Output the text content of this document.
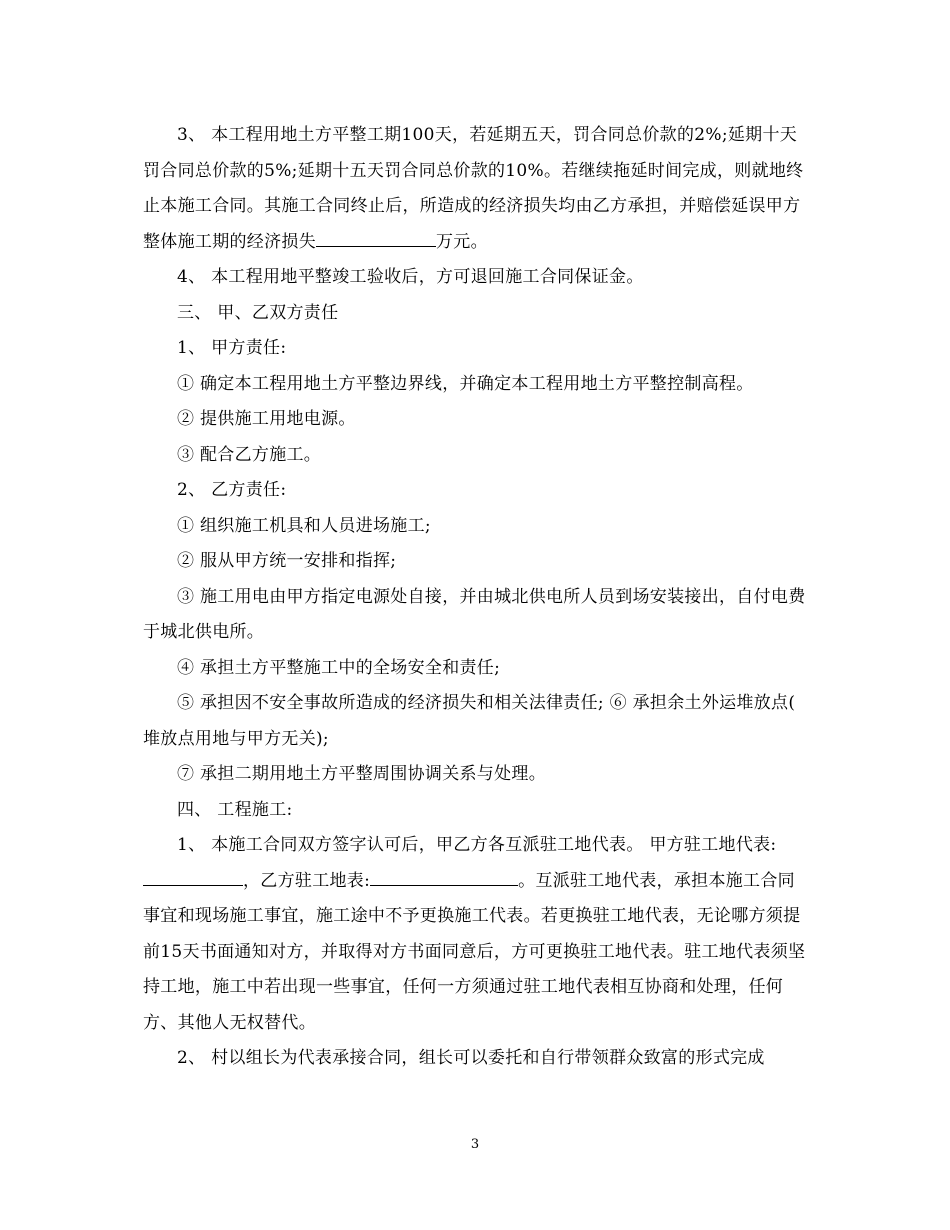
3、 本工程用地土方平整工期100天，若延期五天，罚合同总价款的2%;延期十天罚合同总价款的5%;延期十五天罚合同总价款的10%。若继续拖延时间完成，则就地终止本施工合同。其施工合同终止后，所造成的经济损失均由乙方承担，并赔偿延误甲方整体施工期的经济损失	万元。

4、 本工程用地平整竣工验收后，方可退回施工合同保证金。

三、 甲、乙双方责任

1、 甲方责任:

① 确定本工程用地土方平整边界线，并确定本工程用地土方平整控制高程。

② 提供施工用地电源。

③ 配合乙方施工。

2、 乙方责任:

① 组织施工机具和人员进场施工;

② 服从甲方统一安排和指挥;

③ 施工用电由甲方指定电源处自接，并由城北供电所人员到场安装接出，自付电费于城北供电所。

④ 承担土方平整施工中的全场安全和责任;

⑤ 承担因不安全事故所造成的经济损失和相关法律责任; ⑥ 承担余土外运堆放点( 堆放点用地与甲方无关);

⑦ 承担二期用地土方平整周围协调关系与处理。

四、 工程施工:

1、 本施工合同双方签字认可后，甲乙方各互派驻工地代表。 甲方驻工地代表:，乙方驻工地表:	。互派驻工地代表，承担本施工合同事宜和现场施工事宜，施工途中不予更换施工代表。若更换驻工地代表，无论哪方须提前15天书面通知对方，并取得对方书面同意后，方可更换驻工地代表。驻工地代表须坚持工地，施工中若出现一些事宜，任何一方须通过驻工地代表相互协商和处理，任何方、其他人无权替代。

2、 村以组长为代表承接合同，组长可以委托和自行带领群众致富的形式完成

3
